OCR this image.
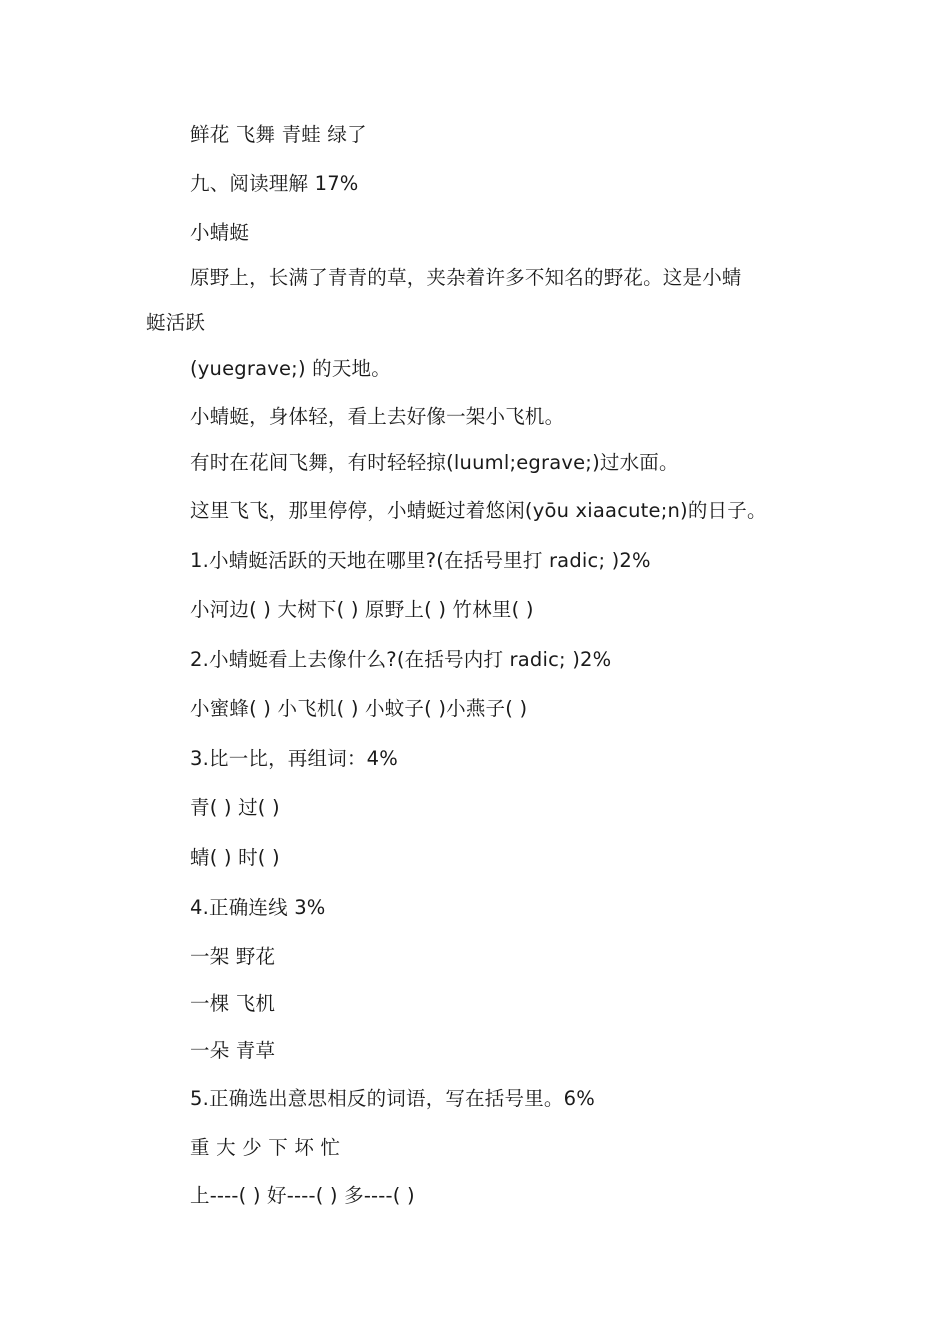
鲜花 飞舞 青蛙 绿了
九、阅读理解 17%
小蜻蜓
原野上，长满了青青的草，夹杂着许多不知名的野花。这是小蜻
蜓活跃
(yuegrave;) 的天地。
小蜻蜓，身体轻，看上去好像一架小飞机。
有时在花间飞舞，有时轻轻掠(luuml;egrave;)过水面。
这里飞飞，那里停停，小蜻蜓过着悠闲(yōu xiaacute;n)的日子。
1.小蜻蜓活跃的天地在哪里?(在括号里打 radic; )2%
小河边( ) 大树下( ) 原野上( ) 竹林里( )
2.小蜻蜓看上去像什么?(在括号内打 radic; )2%
小蜜蜂( ) 小飞机( ) 小蚊子( )小燕子( )
3.比一比，再组词：4%
青( ) 过( )
蜻( ) 时( )
4.正确连线 3%
一架 野花
一棵 飞机
一朵 青草
5.正确选出意思相反的词语，写在括号里。6%
重 大 少 下 坏 忙
上----( ) 好----( ) 多----( )
